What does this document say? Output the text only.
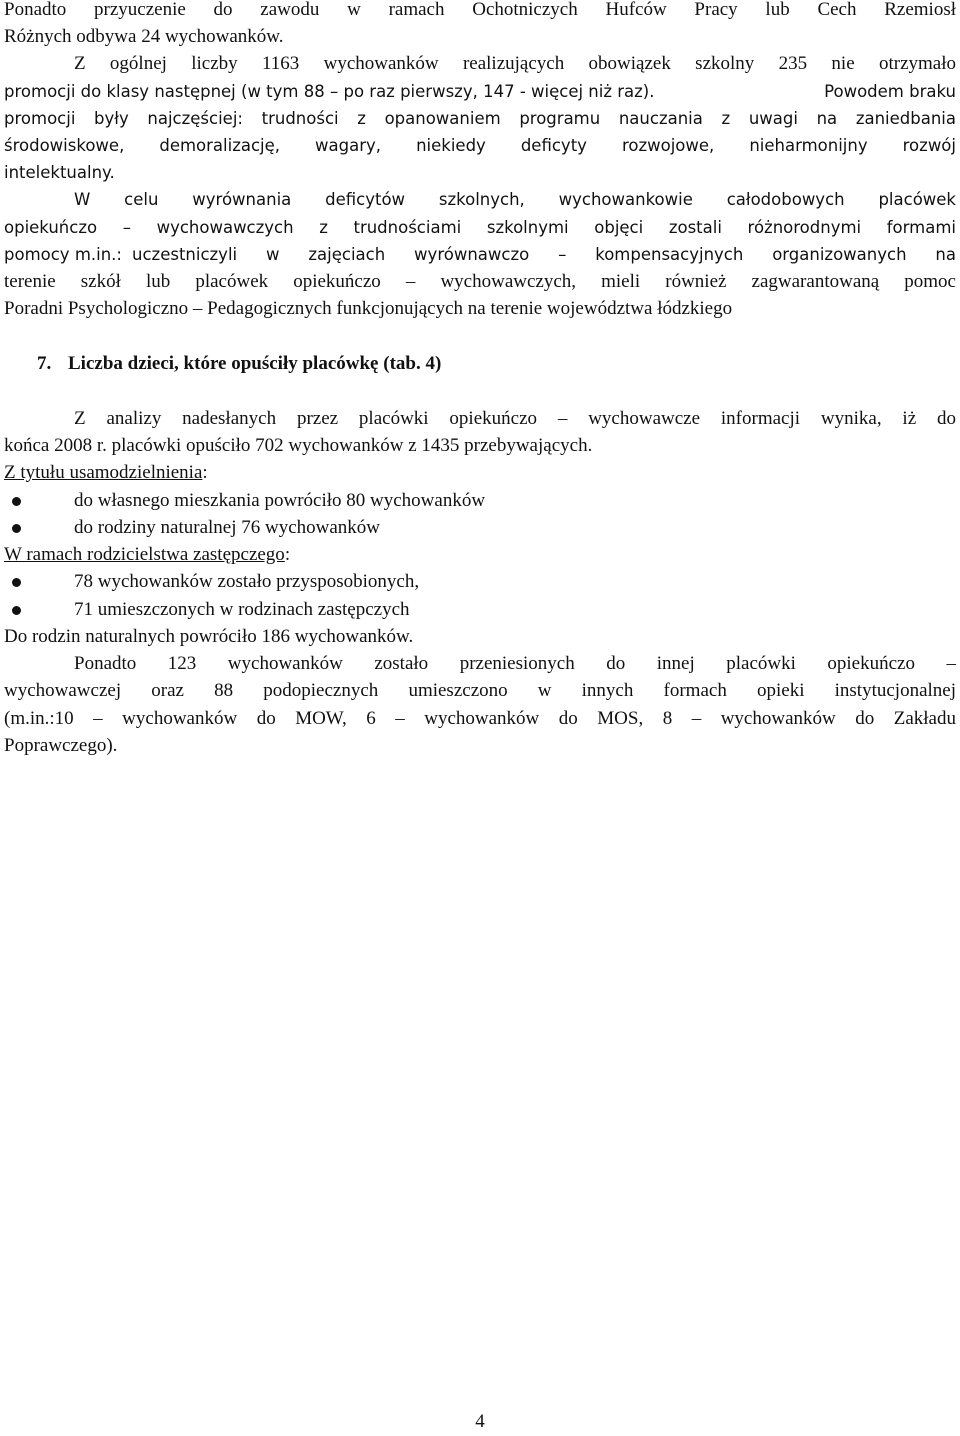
Ponadto przyuczenie do zawodu w ramach Ochotniczych Hufców Pracy lub Cech Rzemiosł
Różnych odbywa 24 wychowanków.
Z ogólnej liczby 1163 wychowanków realizujących obowiązek szkolny 235 nie otrzymało
promocji do klasy następnej (w tym 88 – po raz pierwszy, 147 - więcej niż raz).	Powodem braku
promocji były najczęściej: trudności z opanowaniem programu nauczania z uwagi na zaniedbania
środowiskowe, demoralizację, wagary, niekiedy deficyty rozwojowe, nieharmonijny rozwój
intelektualny.
W celu wyrównania deficytów szkolnych, wychowankowie całodobowych placówek
opiekuńczo – wychowawczych z trudnościami szkolnymi objęci zostali różnorodnymi formami
pomocy m.in.: uczestniczyli w zajęciach wyrównawczo – kompensacyjnych organizowanych na
terenie szkół lub placówek opiekuńczo – wychowawczych, mieli również zagwarantowaną pomoc
Poradni Psychologiczno – Pedagogicznych funkcjonujących na terenie województwa łódzkiego
7. Liczba dzieci, które opuściły placówkę (tab. 4)
Z analizy nadesłanych przez placówki opiekuńczo – wychowawcze informacji wynika, iż do
końca 2008 r. placówki opuściło 702 wychowanków z 1435 przebywających.
Z tytułu usamodzielnienia:
do własnego mieszkania powróciło 80 wychowanków
do rodziny naturalnej 76 wychowanków
W ramach rodzicielstwa zastępczego:
78 wychowanków zostało przysposobionych,
71 umieszczonych w rodzinach zastępczych
Do rodzin naturalnych powróciło 186 wychowanków.
Ponadto 123 wychowanków zostało przeniesionych do innej placówki opiekuńczo –
wychowawczej oraz 88 podopiecznych umieszczono w innych formach opieki instytucjonalnej
(m.in.:10 – wychowanków do MOW, 6 – wychowanków do MOS, 8 – wychowanków do Zakładu
Poprawczego).
4
